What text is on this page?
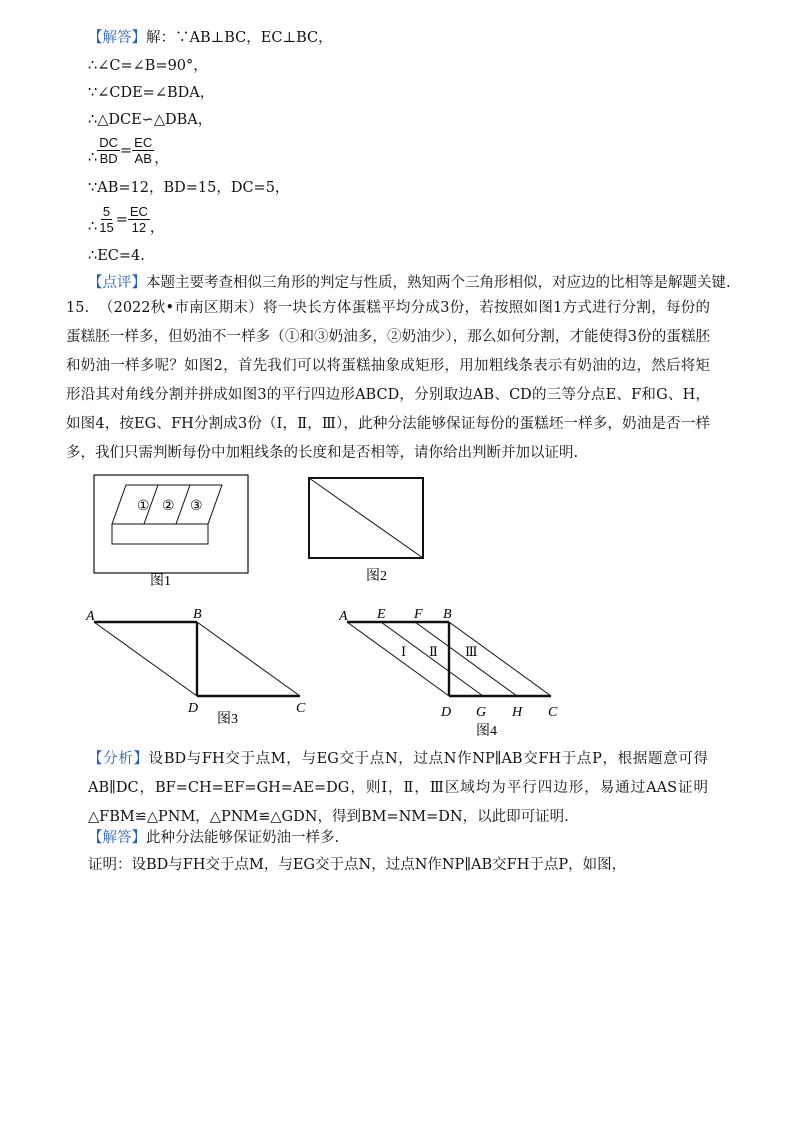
【解答】解：∵AB⊥BC，EC⊥BC，
∴∠C=∠B=90°，
∵∠CDE=∠BDA，
∴△DCE∽△DBA，
∴ $\frac{DC}{BD} = \frac{EC}{AB}$ ，
∵AB=12，BD=15，DC=5，
∴ $\frac{5}{15} = \frac{EC}{12}$ ，
∴EC=4.
【点评】本题主要考查相似三角形的判定与性质，熟知两个三角形相似，对应边的比相等是解题关键.
15. （2022秋•市南区期末）将一块长方体蛋糕平均分成3份，若按照如图1方式进行分割，每份的蛋糕胚一样多，但奶油不一样多（①和③奶油多，②奶油少），那么如何分割，才能使得3份的蛋糕胚和奶油一样多呢？如图2，首先我们可以将蛋糕抽象成矩形，用加粗线条表示有奶油的边，然后将矩形沿其对角线分割并拼成如图3的平行四边形ABCD，分别取边AB、CD的三等分点E、F和G、H，如图4，按EG、FH分割成3份（Ⅰ，Ⅱ，Ⅲ），此种分法能够保证每份的蛋糕坯一样多，奶油是否一样多，我们只需判断每份中加粗线条的长度和是否相等，请你给出判断并加以证明.
① ② ③
图1	图2
A	B
C
D
图3
A E F B
D G H C
Ⅰ Ⅱ Ⅲ
图4
【分析】设BD与FH交于点M，与EG交于点N，过点N作NP∥AB交FH于点P，根据题意可得AB∥DC，BF=CH=EF=GH=AE=DG，则Ⅰ，Ⅱ，Ⅲ区域均为平行四边形，易通过AAS证明△FBM≌△PNM，△PNM≌△GDN，得到BM=NM=DN，以此即可证明.
【解答】此种分法能够保证奶油一样多.
证明：设BD与FH交于点M，与EG交于点N，过点N作NP∥AB交FH于点P，如图，
